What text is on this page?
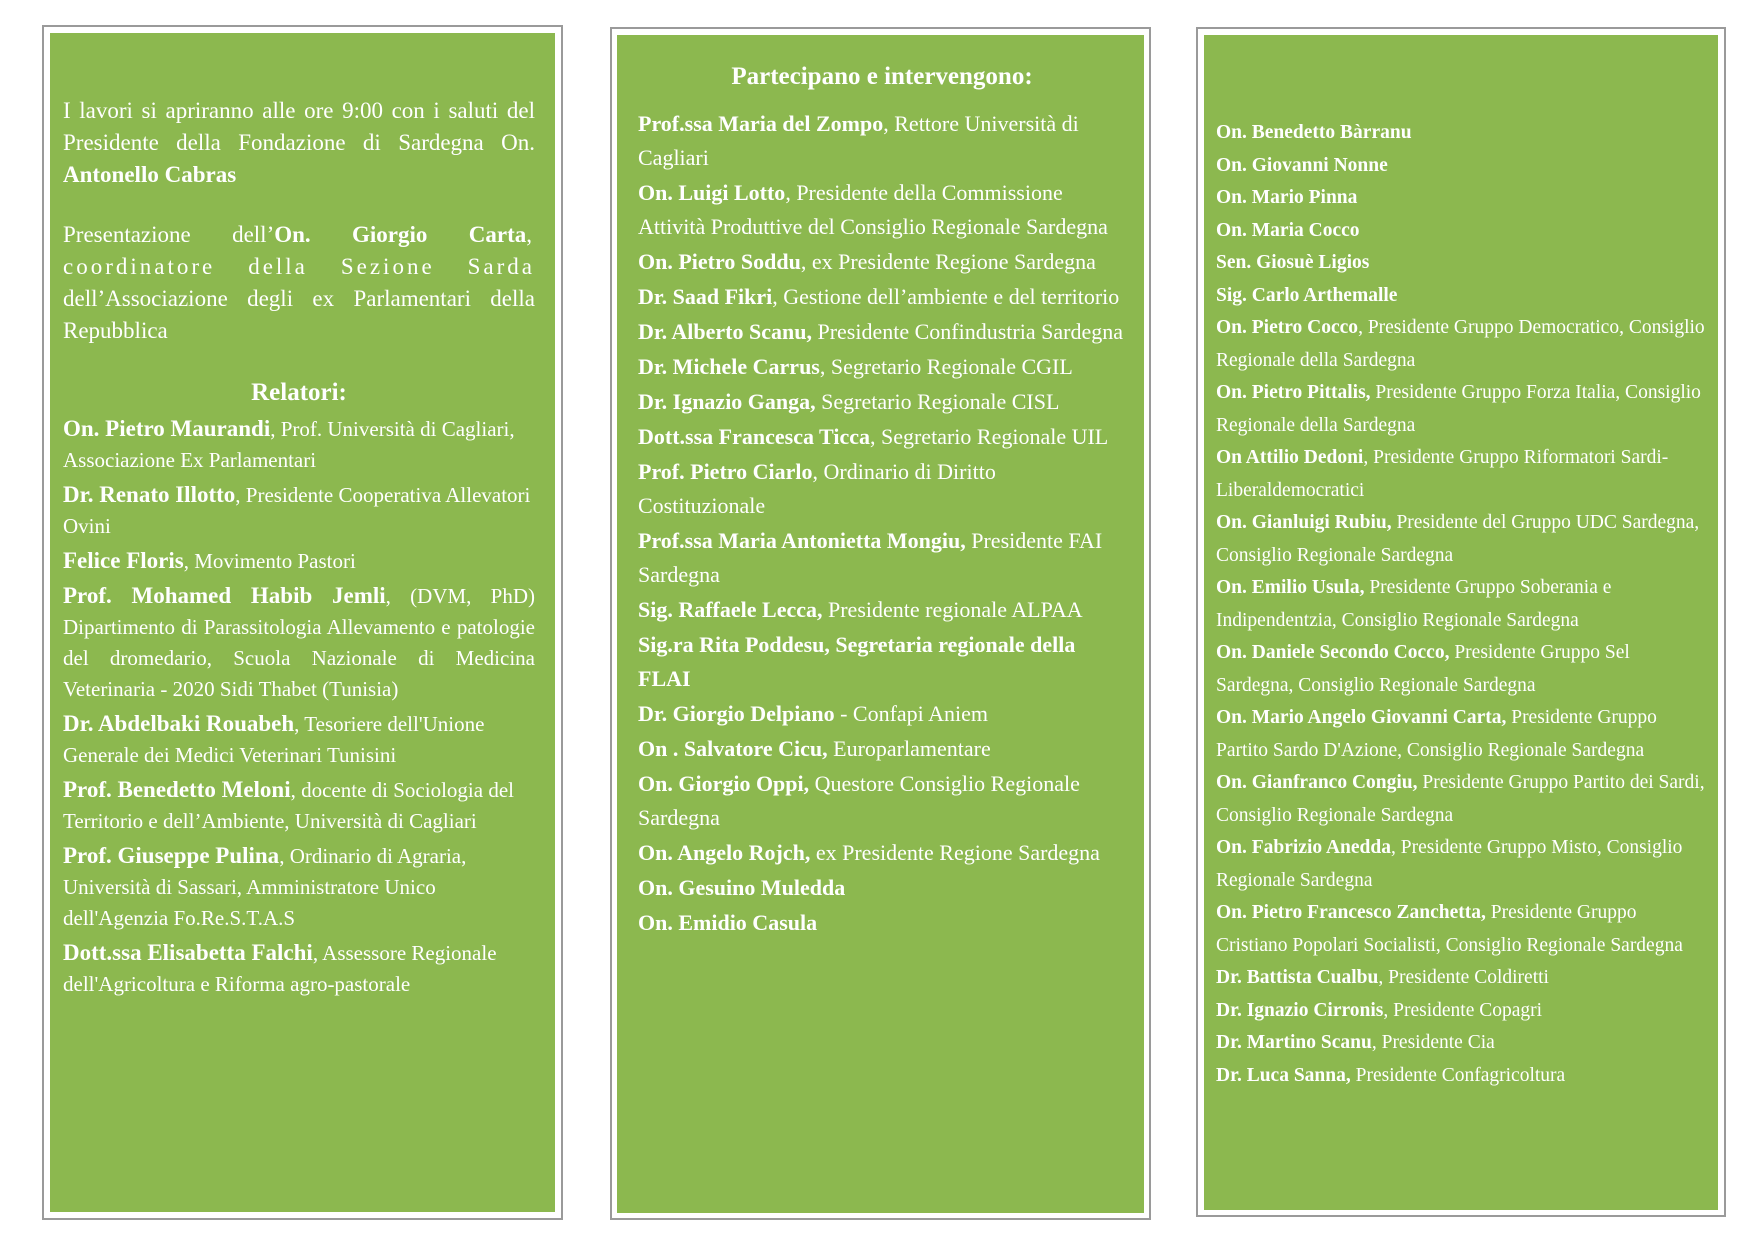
I lavori si apriranno alle ore 9:00 con i saluti del Presidente della Fondazione di Sardegna On. Antonello Cabras

Presentazione dell’On. Giorgio Carta, coordinatore della Sezione Sarda dell’Associazione degli ex Parlamentari della Repubblica

Relatori:

On. Pietro Maurandi, Prof. Università di Cagliari, Associazione Ex Parlamentari

Dr. Renato Illotto, Presidente Cooperativa Allevatori Ovini

Felice Floris, Movimento Pastori

Prof. Mohamed Habib Jemli, (DVM, PhD) Dipartimento di Parassitologia Allevamento e patologie del dromedario, Scuola Nazionale di Medicina Veterinaria - 2020 Sidi Thabet (Tunisia)

Dr. Abdelbaki Rouabeh, Tesoriere dell'Unione Generale dei Medici Veterinari Tunisini

Prof. Benedetto Meloni, docente di Sociologia del Territorio e dell’Ambiente, Università di Cagliari

Prof. Giuseppe Pulina, Ordinario di Agraria, Università di Sassari, Amministratore Unico dell'Agenzia Fo.Re.S.T.A.S

Dott.ssa Elisabetta Falchi, Assessore Regionale dell'Agricoltura e Riforma agro-pastorale

Partecipano e intervengono:

Prof.ssa Maria del Zompo, Rettore Università di Cagliari

On. Luigi Lotto, Presidente della Commissione Attività Produttive del Consiglio Regionale Sardegna

On. Pietro Soddu, ex Presidente Regione Sardegna

Dr. Saad Fikri, Gestione dell’ambiente e del territorio

Dr. Alberto Scanu, Presidente Confindustria Sardegna

Dr. Michele Carrus, Segretario Regionale CGIL

Dr. Ignazio Ganga, Segretario Regionale CISL

Dott.ssa Francesca Ticca, Segretario Regionale UIL

Prof. Pietro Ciarlo, Ordinario di Diritto Costituzionale

Prof.ssa Maria Antonietta Mongiu, Presidente FAI Sardegna

Sig. Raffaele Lecca, Presidente regionale ALPAA

Sig.ra Rita Poddesu, Segretaria regionale della FLAI

Dr. Giorgio Delpiano - Confapi Aniem

On . Salvatore Cicu, Europarlamentare

On. Giorgio Oppi, Questore Consiglio Regionale Sardegna

On. Angelo Rojch, ex Presidente Regione Sardegna

On. Gesuino Muledda

On. Emidio Casula

On. Benedetto Bàrranu

On. Giovanni Nonne

On. Mario Pinna

On. Maria Cocco

Sen. Giosuè Ligios

Sig. Carlo Arthemalle

On. Pietro Cocco, Presidente Gruppo Democratico, Consiglio Regionale della Sardegna

On. Pietro Pittalis, Presidente Gruppo Forza Italia, Consiglio Regionale della Sardegna

On Attilio Dedoni, Presidente Gruppo Riformatori Sardi-Liberaldemocratici

On. Gianluigi Rubiu, Presidente del Gruppo UDC Sardegna, Consiglio Regionale Sardegna

On. Emilio Usula, Presidente Gruppo Soberania e Indipendentzia, Consiglio Regionale Sardegna

On. Daniele Secondo Cocco, Presidente Gruppo Sel Sardegna, Consiglio Regionale Sardegna

On. Mario Angelo Giovanni Carta, Presidente Gruppo Partito Sardo D'Azione, Consiglio Regionale Sardegna

On. Gianfranco Congiu, Presidente Gruppo Partito dei Sardi, Consiglio Regionale Sardegna

On. Fabrizio Anedda, Presidente Gruppo Misto, Consiglio Regionale Sardegna

On. Pietro Francesco Zanchetta, Presidente Gruppo Cristiano Popolari Socialisti, Consiglio Regionale Sardegna

Dr. Battista Cualbu, Presidente Coldiretti

Dr. Ignazio Cirronis, Presidente Copagri

Dr. Martino Scanu, Presidente Cia

Dr. Luca Sanna, Presidente Confagricoltura
